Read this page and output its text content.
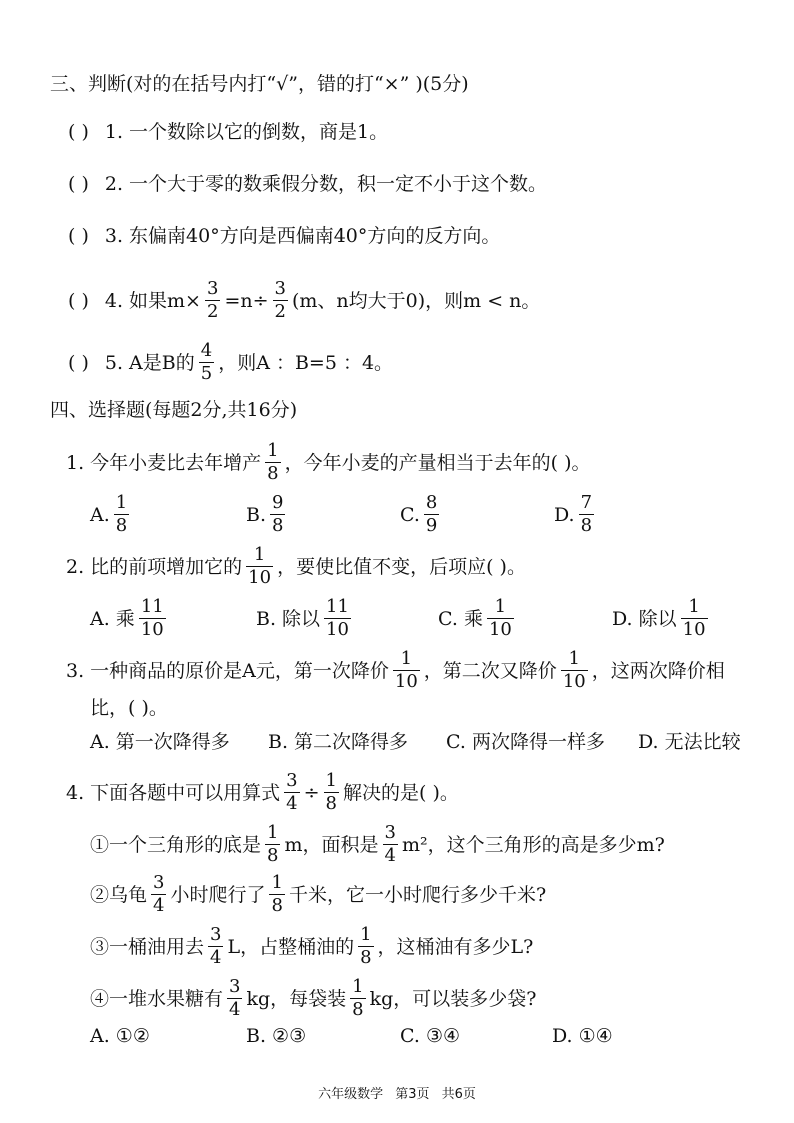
三、判断(对的在括号内打“√”，错的打“×” )(5分)
( ) 1. 一个数除以它的倒数，商是1。
( ) 2. 一个大于零的数乘假分数，积一定不小于这个数。
( ) 3. 东偏南40°方向是西偏南40°方向的反方向。
( ) 4. 如果$m\times \frac{3}{2} =n\div \frac{3}{2} (m$、n均大于0)，则m < n。
( ) 5. A是B的 $\frac{4}{5}$ ，则A ：B=5 ：4。
四、选择题(每题2分,共16分)
1. 今年小麦比去年增产 $\frac{1}{8}$ ，今年小麦的产量相当于去年的( )。
A. $\frac{1}{8}$	B. $\frac{9}{8}$	C. $\frac{8}{9}$	D. $\frac{7}{8}$
2. 比的前项增加它的 $\frac{1}{10}$ ，要使比值不变，后项应( )。
A. 乘 $\frac{11}{10}$	B. 除以 $\frac{11}{10}$	C. 乘 $\frac{1}{10}$	D. 除以 $\frac{1}{10}$
3. 一种商品的原价是A元，第一次降价 $\frac{1}{10}$ ，第二次又降价 $\frac{1}{10}$ ，这两次降价相
比，( )。
A. 第一次降得多 B. 第二次降得多 C. 两次降得一样多 D. 无法比较
4. 下面各题中可以用算式 $\frac{3}{4} \div \frac{1}{8}$ 解决的是( )。
①一个三角形的底是 $\frac{1}{8}$ m，面积是 $\frac{3}{4} m^2$，这个三角形的高是多少m?
②乌龟 $\frac{3}{4}$ 小时爬行了 $\frac{1}{8}$ 千米，它一小时爬行多少千米?
③一桶油用去 $\frac{3}{4}$ L，占整桶油的 $\frac{1}{8}$ ，这桶油有多少L?
④一堆水果糖有 $\frac{3}{4}$ kg，每袋装 $\frac{1}{8}$ kg，可以装多少袋?
A. ①②	B. ②③	C. ③④	D. ①④
六年级数学 第3页 共6页
